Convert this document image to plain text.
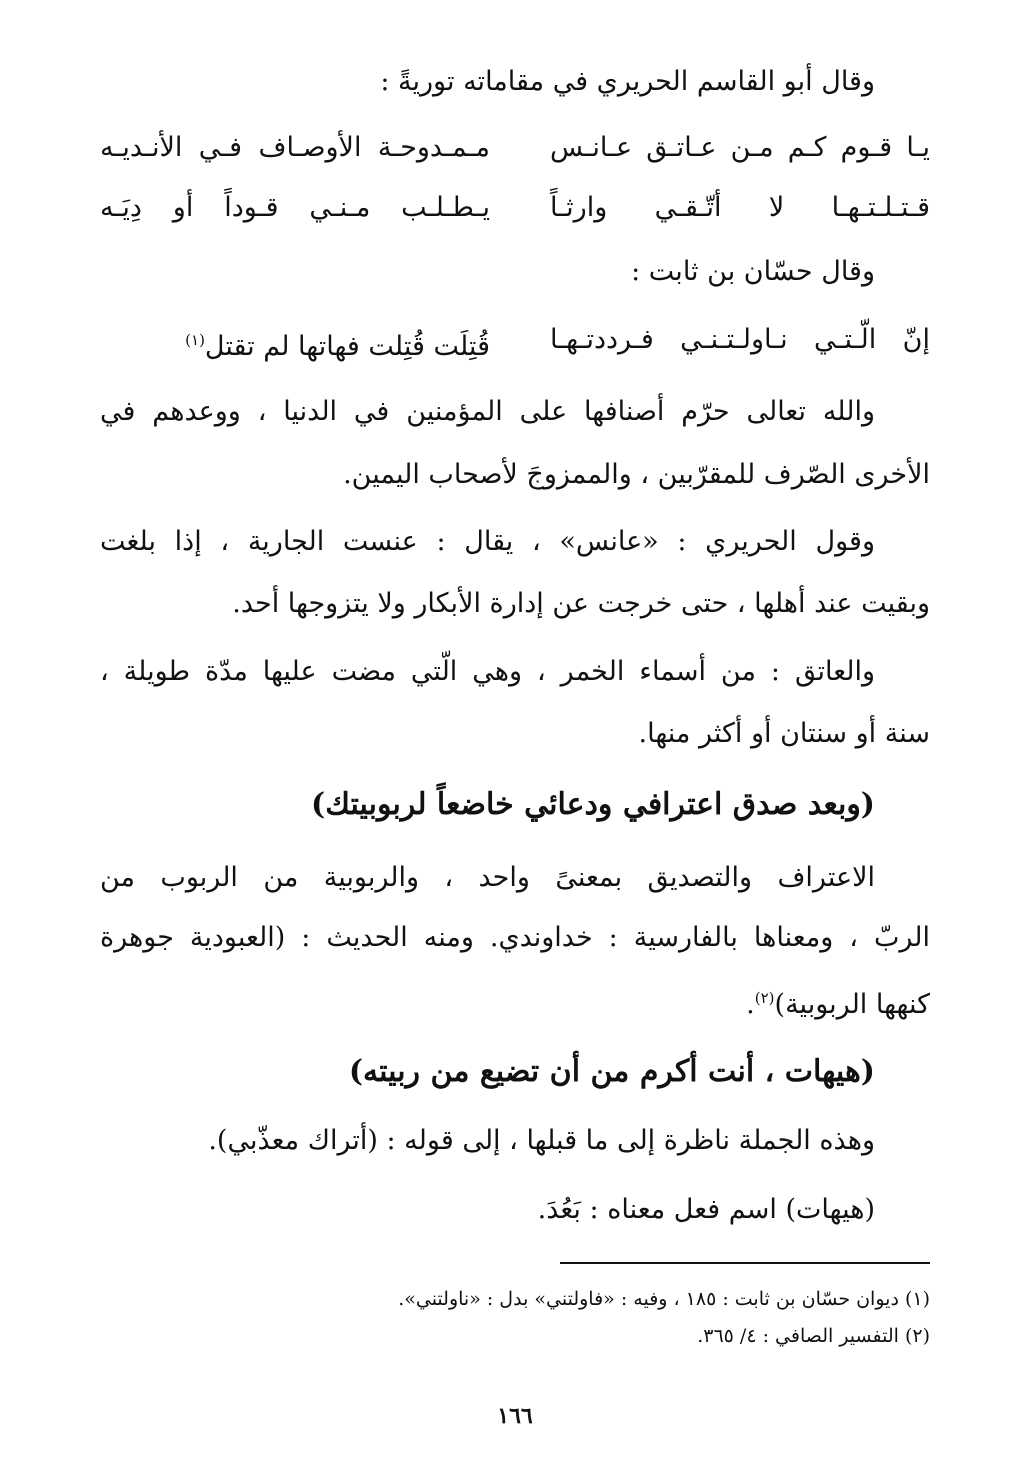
وقال أبو القاسم الحريري في مقاماته توريةً :
يـا قـوم كـم مـن عـاتـق عـانـس
مـمـدوحـة الأوصـاف فـي الأنـديـه
قـتـلـتـهـا لا أتّـقـي وارثـاً
يـطـلـب مـنـي قـوداً أو دِيَـه
وقال حسّان بن ثابت :
إنّ الّـتـي نـاولـتـنـي فـرددتـهـا
قُتِلَت قُتِلت فهاتها لم تقتل$^{(١)}$
والله تعالى حرّم أصنافها على المؤمنين في الدنيا ، ووعدهم في
الأخرى الصّرف للمقرّبين ، والممزوجَ لأصحاب اليمين.
وقول الحريري : «عانس» ، يقال : عنست الجارية ، إذا بلغت
وبقيت عند أهلها ، حتى خرجت عن إدارة الأبكار ولا يتزوجها أحد.
والعاتق : من أسماء الخمر ، وهي الّتي مضت عليها مدّة طويلة ،
سنة أو سنتان أو أكثر منها.
(وبعد صدق اعترافي ودعائي خاضعاً لربوبيتك)
الاعتراف والتصديق بمعنىً واحد ، والربوبية من الربوب من
الربّ ، ومعناها بالفارسية : خداوندي. ومنه الحديث : (العبودية جوهرة
كنهها الربوبية)$^{(٢)}$.
(هيهات ، أنت أكرم من أن تضيع من ربيته)
وهذه الجملة ناظرة إلى ما قبلها ، إلى قوله : (أتراك معذّبي).
(هيهات) اسم فعل معناه : بَعُدَ.
(١) ديوان حسّان بن ثابت : ١٨٥ ، وفيه : «فاولتني» بدل : «ناولتني».
(٢) التفسير الصافي : ٤/ ٣٦٥.
١٦٦
